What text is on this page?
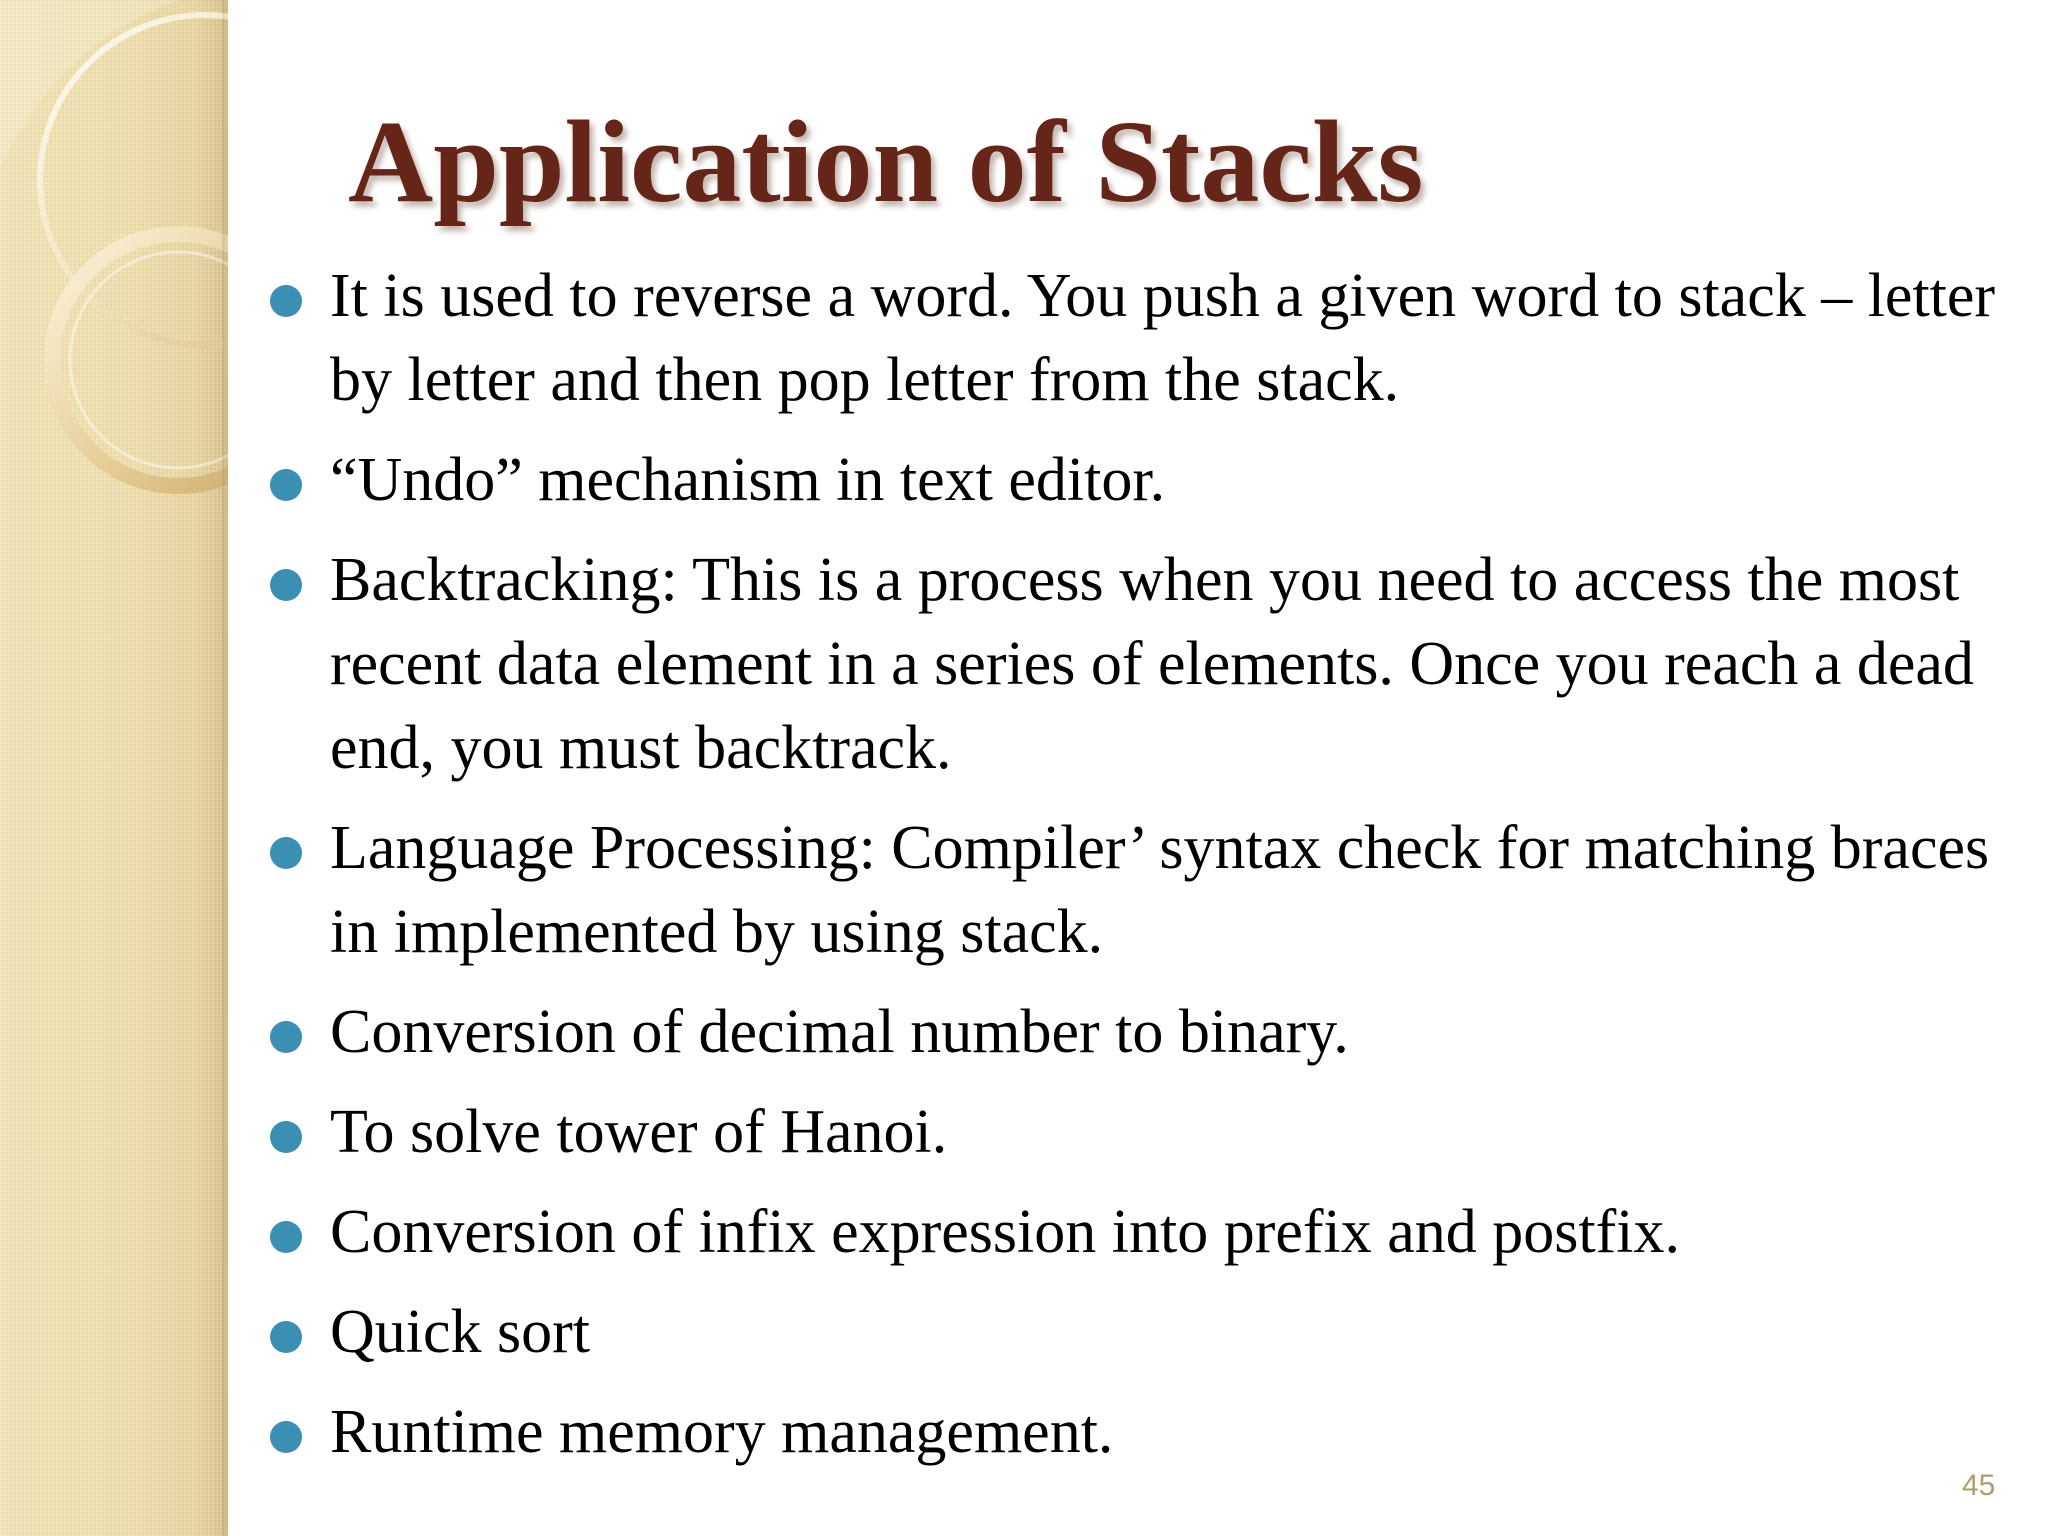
Application of Stacks
It is used to reverse a word. You push a given word to stack – letter by letter and then pop letter from the stack.
“Undo” mechanism in text editor.
Backtracking: This is a process when you need to access the most recent data element in a series of elements. Once you reach a dead end, you must backtrack.
Language Processing: Compiler’ syntax check for matching braces in implemented by using stack.
Conversion of decimal number to binary.
To solve tower of Hanoi.
Conversion of infix expression into prefix and postfix.
Quick sort
Runtime memory management.
45
